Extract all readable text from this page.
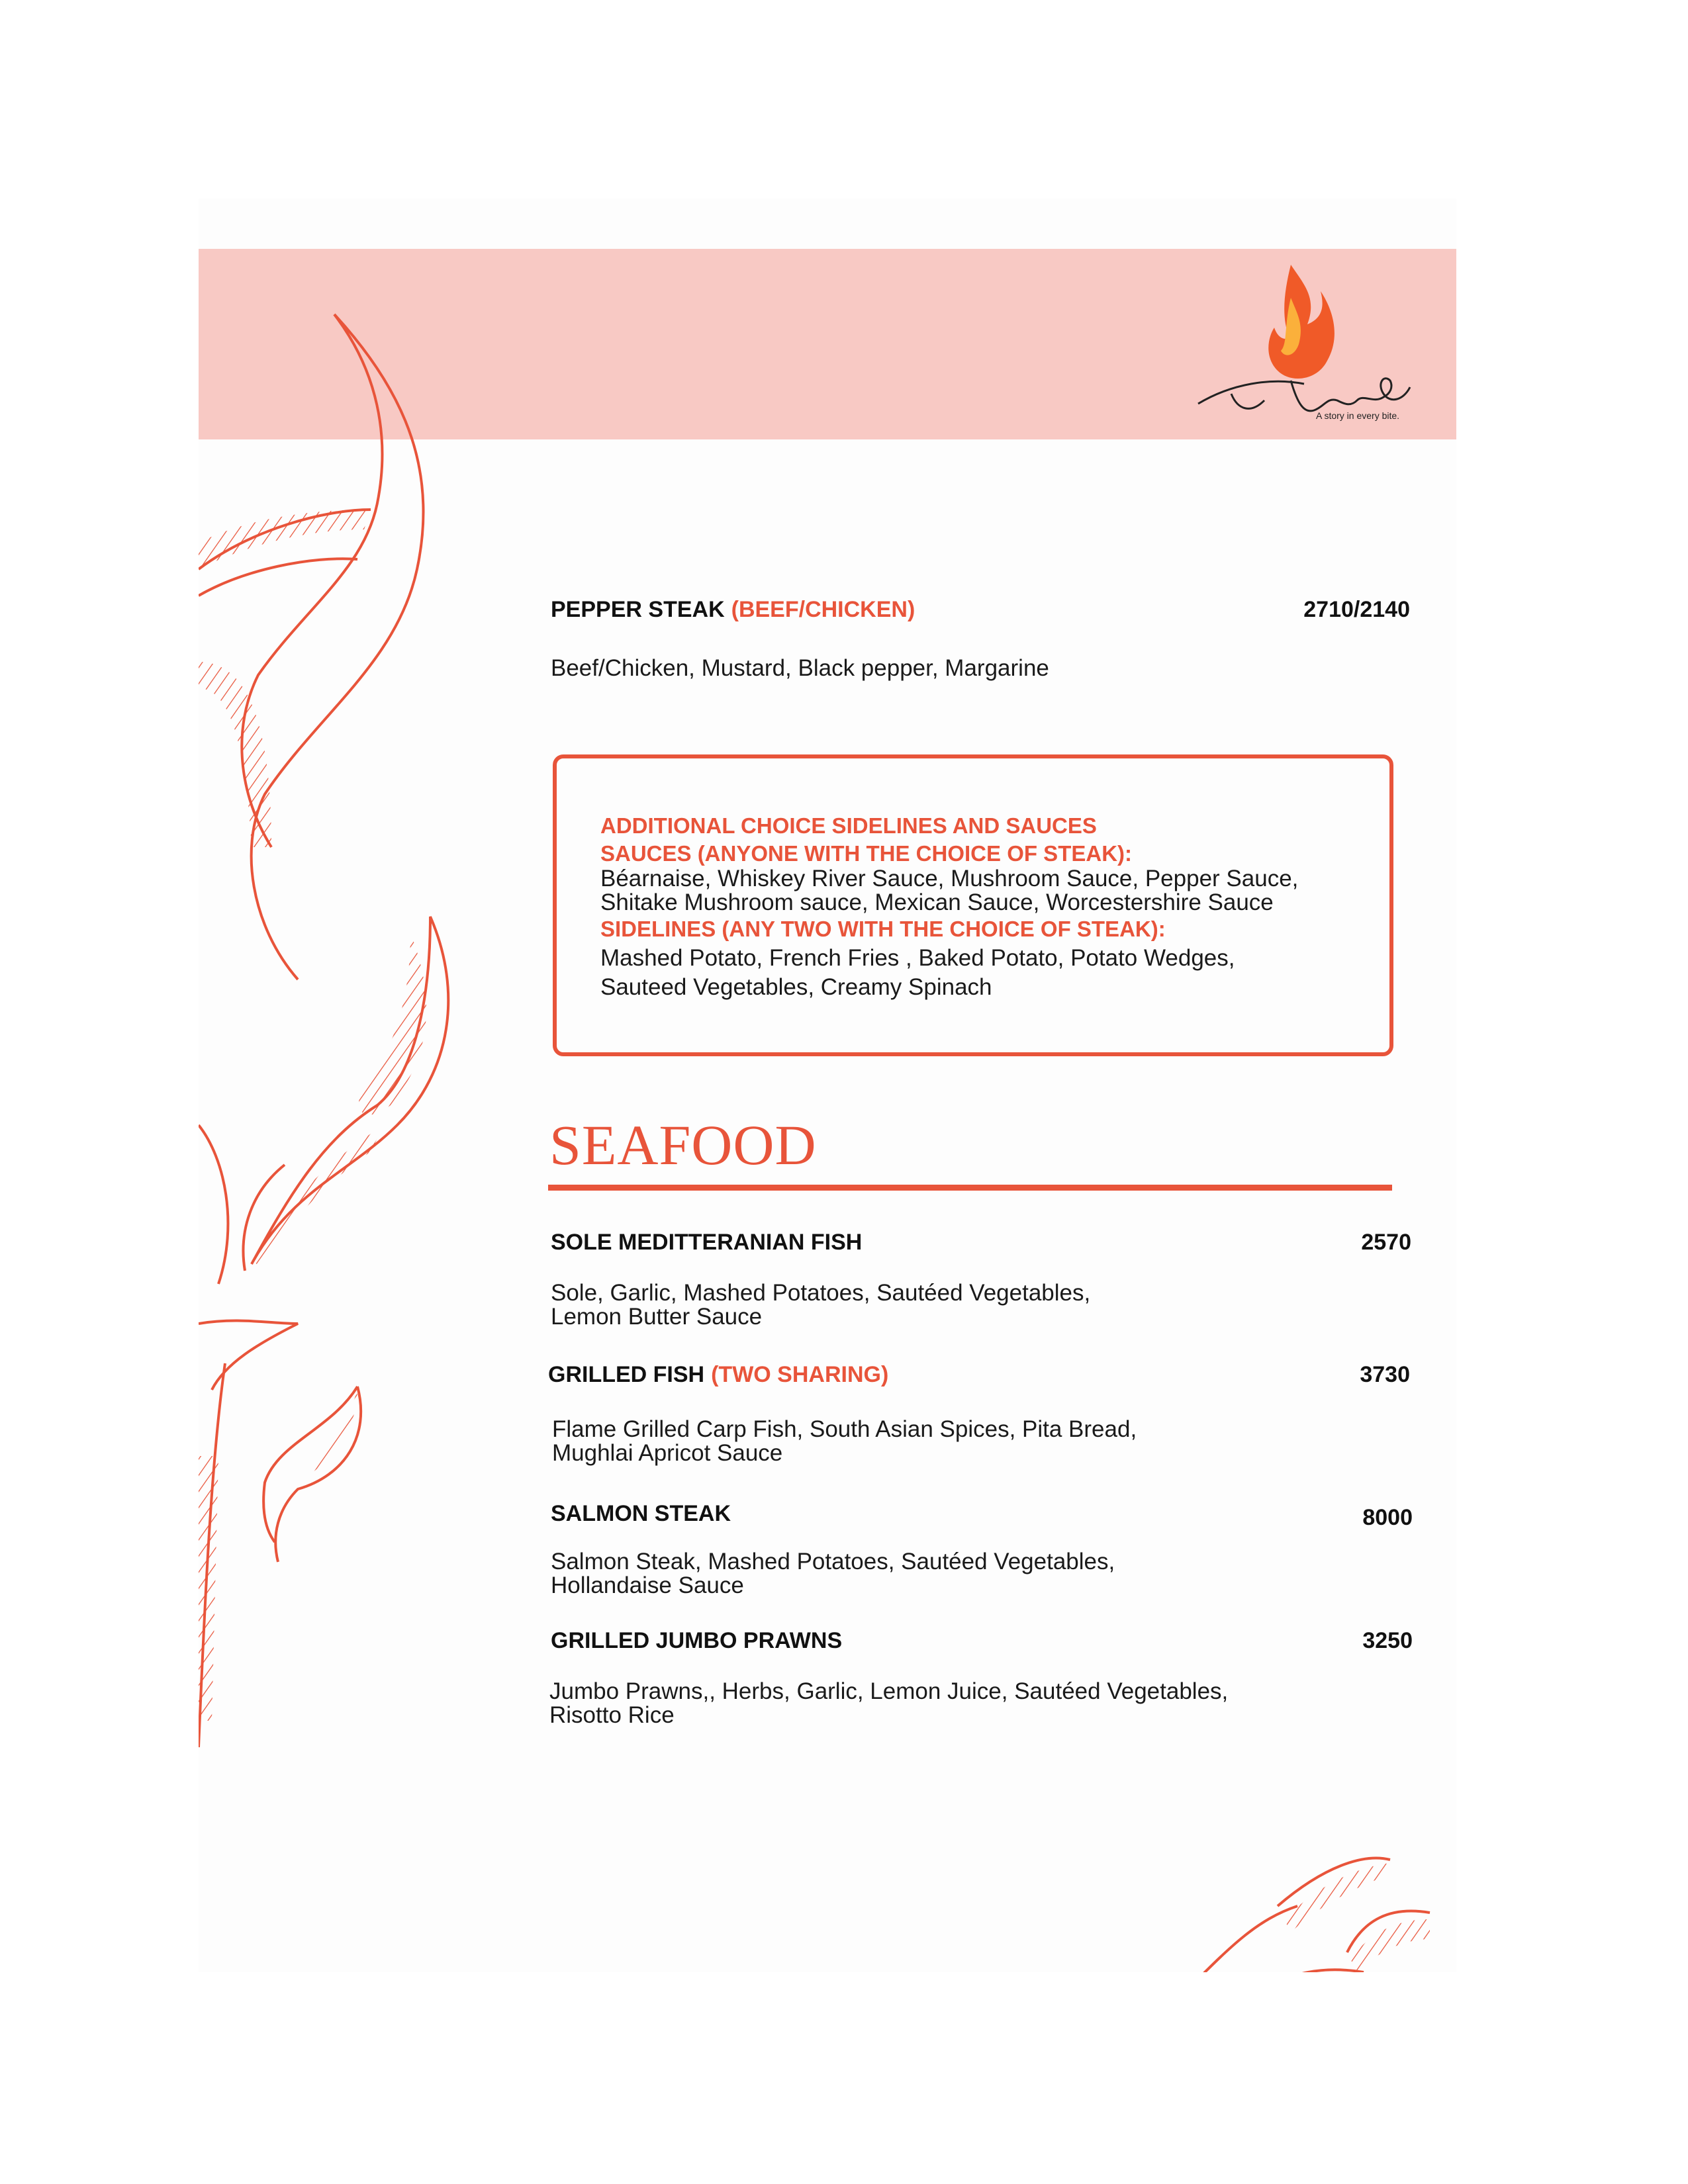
A story in every bite.
PEPPER STEAK (BEEF/CHICKEN)	2710/2140
Beef/Chicken, Mustard, Black pepper, Margarine
ADDITIONAL CHOICE SIDELINES AND SAUCES
SAUCES (ANYONE WITH THE CHOICE OF STEAK):
Béarnaise, Whiskey River Sauce, Mushroom Sauce, Pepper Sauce,
Shitake Mushroom sauce, Mexican Sauce, Worcestershire Sauce
SIDELINES (ANY TWO WITH THE CHOICE OF STEAK):
Mashed Potato, French Fries , Baked Potato, Potato Wedges,
Sauteed Vegetables, Creamy Spinach
SEAFOOD
SOLE MEDITTERANIAN FISH	2570
Sole, Garlic, Mashed Potatoes, Sautéed Vegetables,
Lemon Butter Sauce
GRILLED FISH (TWO SHARING)	3730
Flame Grilled Carp Fish, South Asian Spices, Pita Bread,
Mughlai Apricot Sauce
SALMON STEAK	8000
Salmon Steak, Mashed Potatoes, Sautéed Vegetables,
Hollandaise Sauce
GRILLED JUMBO PRAWNS	3250
Jumbo Prawns,, Herbs, Garlic, Lemon Juice, Sautéed Vegetables,
Risotto Rice
